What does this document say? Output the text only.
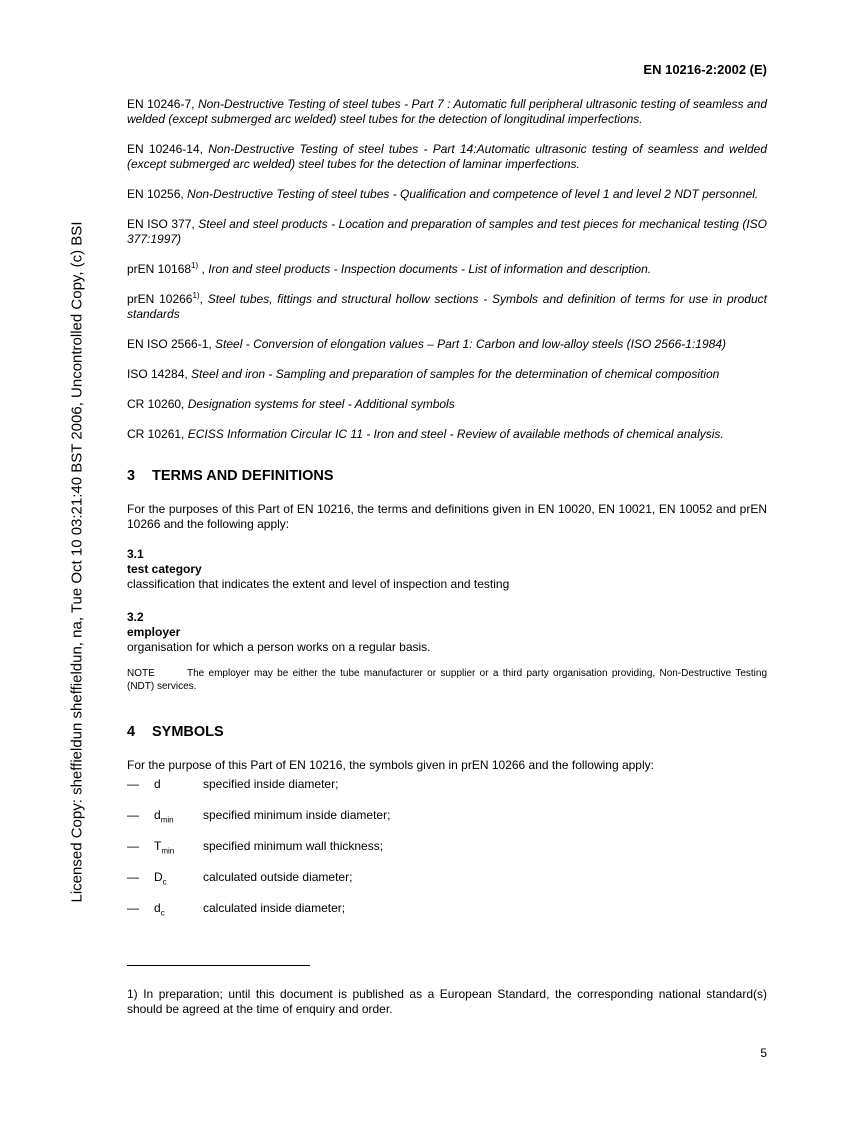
EN 10216-2:2002 (E)
Licensed Copy: sheffieldun sheffieldun, na, Tue Oct 10 03:21:40 BST 2006, Uncontrolled Copy, (c) BSI

EN 10246-7, Non-Destructive Testing of steel tubes - Part 7 : Automatic full peripheral ultrasonic testing of seamless and welded (except submerged arc welded) steel tubes for the detection of longitudinal imperfections.

EN 10246-14, Non-Destructive Testing of steel tubes - Part 14:Automatic ultrasonic testing of seamless and welded (except submerged arc welded) steel tubes for the detection of laminar imperfections.

EN 10256, Non-Destructive Testing of steel tubes - Qualification and competence of level 1 and level 2 NDT personnel.

EN ISO 377, Steel and steel products - Location and preparation of samples and test pieces for mechanical testing (ISO 377:1997)

prEN 10168$^{1)}$ , Iron and steel products - Inspection documents - List of information and description.

prEN 10266$^{1)}$, Steel tubes, fittings and structural hollow sections - Symbols and definition of terms for use in product standards

EN ISO 2566-1, Steel - Conversion of elongation values – Part 1: Carbon and low-alloy steels (ISO 2566-1:1984)

ISO 14284, Steel and iron - Sampling and preparation of samples for the determination of chemical composition

CR 10260, Designation systems for steel - Additional symbols

CR 10261, ECISS Information Circular IC 11 - Iron and steel - Review of available methods of chemical analysis.

3 TERMS AND DEFINITIONS

For the purposes of this Part of EN 10216, the terms and definitions given in EN 10020, EN 10021, EN 10052 and prEN 10266 and the following apply:

3.1
test category
classification that indicates the extent and level of inspection and testing
3.2
employer
organisation for which a person works on a regular basis.
NOTE	The employer may be either the tube manufacturer or supplier or a third party organisation providing, Non-Destructive Testing (NDT) services.
4 SYMBOLS

For the purpose of this Part of EN 10216, the symbols given in prEN 10266 and the following apply:

—	d	specified inside diameter;
—	$d_{min}$	specified minimum inside diameter;
—	$T_{min}$	specified minimum wall thickness;
—	$D_c$	calculated outside diameter;
—	$d_c$	calculated inside diameter;
1) In preparation; until this document is published as a European Standard, the corresponding national standard(s) should be agreed at the time of enquiry and order.
5
